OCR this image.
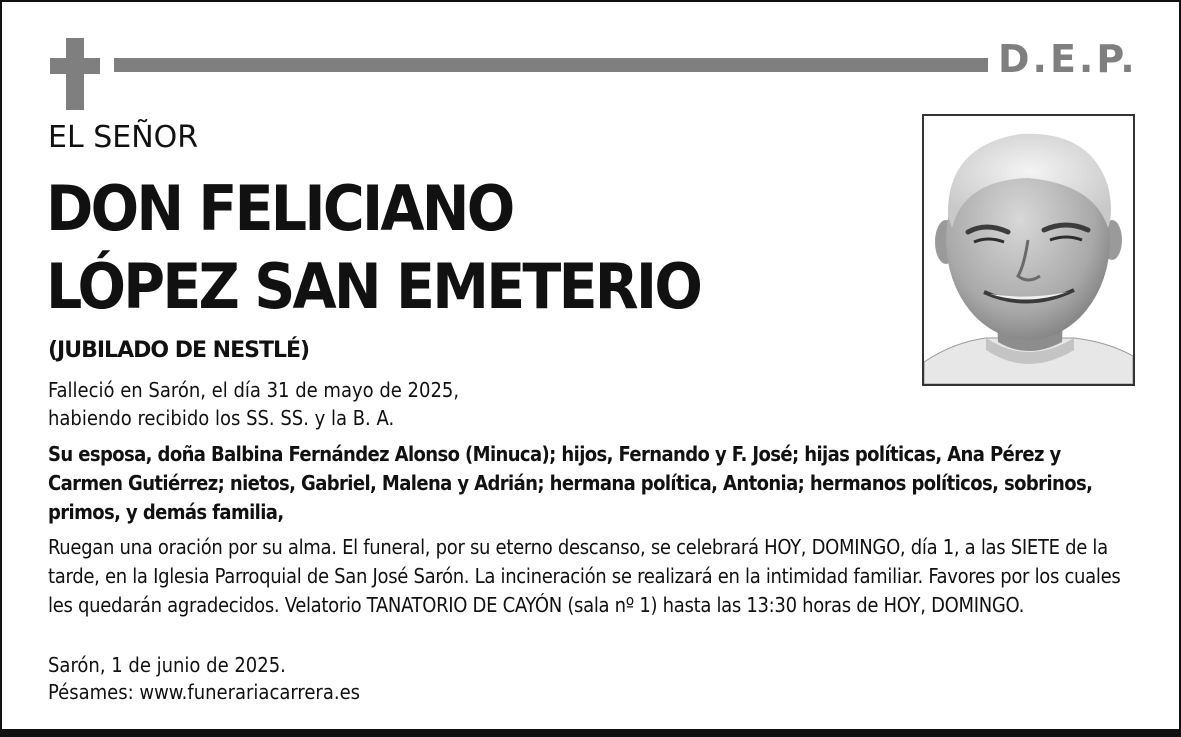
D.E.P.
EL SEÑOR
DON FELICIANO
LÓPEZ SAN EMETERIO
(JUBILADO DE NESTLÉ)
Falleció en Sarón, el día 31 de mayo de 2025,
habiendo recibido los SS. SS. y la B. A.
Su esposa, doña Balbina Fernández Alonso (Minuca); hijos, Fernando y F. José; hijas políticas, Ana Pérez y Carmen Gutiérrez; nietos, Gabriel, Malena y Adrián; hermana política, Antonia; hermanos políticos, sobrinos, primos, y demás familia,
Ruegan una oración por su alma. El funeral, por su eterno descanso, se celebrará HOY, DOMINGO, día 1, a las SIETE de la tarde, en la Iglesia Parroquial de San José Sarón. La incineración se realizará en la intimidad familiar. Favores por los cuales les quedarán agradecidos. Velatorio TANATORIO DE CAYÓN (sala nº 1) hasta las 13:30 horas de HOY, DOMINGO.
Sarón, 1 de junio de 2025.
Pésames: www.funerariacarrera.es
